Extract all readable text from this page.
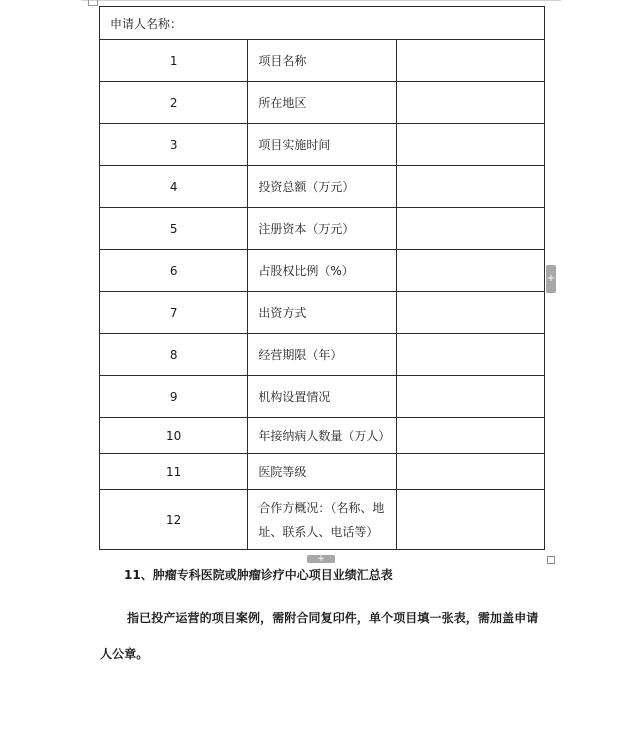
申请人名称：		
1	项目名称	
2	所在地区	
3	项目实施时间	
4	投资总额（万元）	
5	注册资本（万元）	
6	占股权比例（%）	
7	出资方式	
8	经营期限（年）	
9	机构设置情况	
10	年接纳病人数量（万人）	
11	医院等级	
12	合作方概况：（名称、地址、联系人、电话等）	
+
+
11、肿瘤专科医院或肿瘤诊疗中心项目业绩汇总表
指已投产运营的项目案例，需附合同复印件，单个项目填一张表，需加盖申请人公章。
